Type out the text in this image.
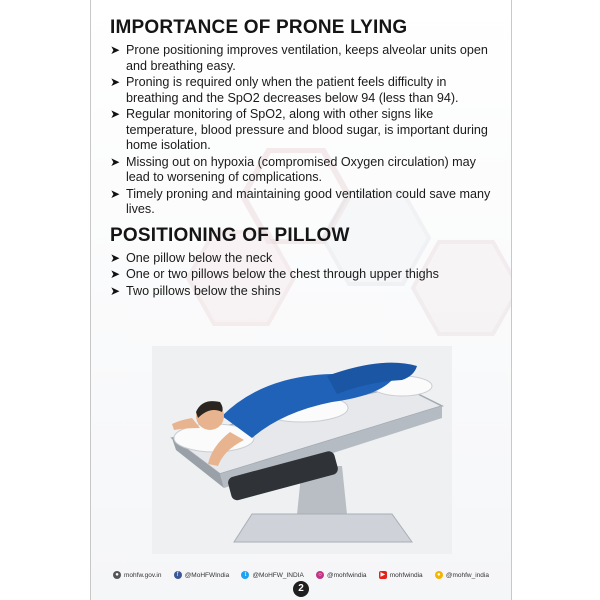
IMPORTANCE OF PRONE LYING
➤ Prone positioning improves ventilation, keeps alveolar units open and breathing easy.
➤ Proning is required only when the patient feels difficulty in breathing and the SpO2 decreases below 94 (less than 94).
➤ Regular monitoring of SpO2, along with other signs like temperature, blood pressure and blood sugar, is important during home isolation.
➤ Missing out on hypoxia (compromised Oxygen circulation) may lead to worsening of complications.
➤ Timely proning and maintaining good ventilation could save many lives.
POSITIONING OF PILLOW
➤ One pillow below the neck
➤ One or two pillows below the chest through upper thighs
➤ Two pillows below the shins
● mohfw.gov.in	f @MoHFWIndia	t @MoHFW_INDIA	○ @mohfwindia ▶ mohfwindia	● @mohfw_india
2
